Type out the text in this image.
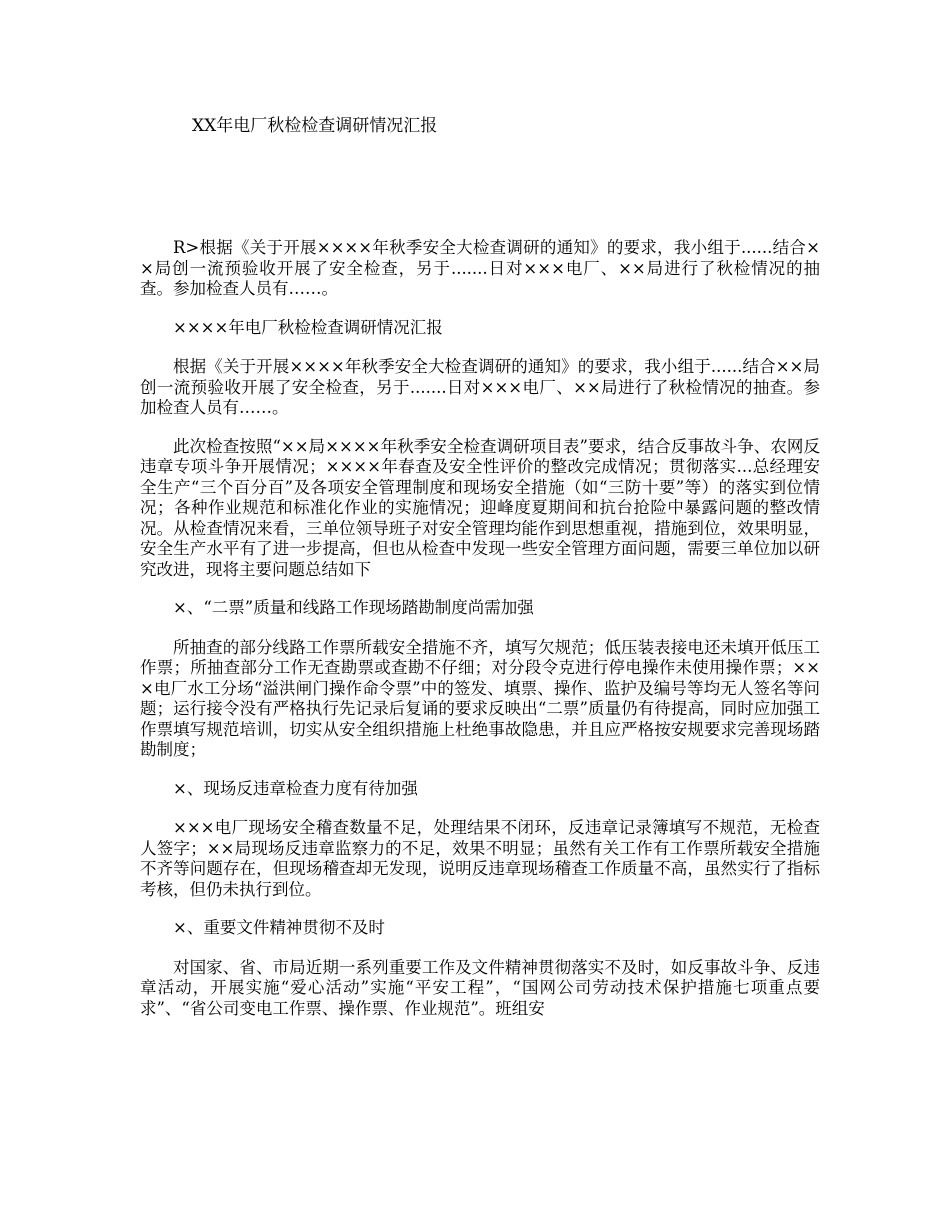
XX年电厂秋检检查调研情况汇报

R>根据《关于开展××××年秋季安全大检查调研的通知》的要求，我小组于......结合××局创一流预验收开展了安全检查，另于.......日对×××电厂、××局进行了秋检情况的抽查。参加检查人员有……。

××××年电厂秋检检查调研情况汇报

根据《关于开展××××年秋季安全大检查调研的通知》的要求，我小组于......结合××局创一流预验收开展了安全检查，另于.......日对×××电厂、××局进行了秋检情况的抽查。参加检查人员有……。

此次检查按照“××局××××年秋季安全检查调研项目表”要求，结合反事故斗争、农网反违章专项斗争开展情况；××××年春查及安全性评价的整改完成情况；贯彻落实...总经理安全生产“三个百分百”及各项安全管理制度和现场安全措施（如“三防十要”等）的落实到位情况；各种作业规范和标准化作业的实施情况；迎峰度夏期间和抗台抢险中暴露问题的整改情况。从检查情况来看，三单位领导班子对安全管理均能作到思想重视，措施到位，效果明显，安全生产水平有了进一步提高，但也从检查中发现一些安全管理方面问题，需要三单位加以研究改进，现将主要问题总结如下

×、“二票”质量和线路工作现场踏勘制度尚需加强

所抽查的部分线路工作票所载安全措施不齐，填写欠规范；低压装表接电还未填开低压工作票；所抽查部分工作无查勘票或查勘不仔细；对分段令克进行停电操作未使用操作票；×××电厂水工分场“溢洪闸门操作命令票”中的签发、填票、操作、监护及编号等均无人签名等问题；运行接令没有严格执行先记录后复诵的要求反映出“二票”质量仍有待提高，同时应加强工作票填写规范培训，切实从安全组织措施上杜绝事故隐患，并且应严格按安规要求完善现场踏勘制度；

×、现场反违章检查力度有待加强

×××电厂现场安全稽查数量不足，处理结果不闭环，反违章记录簿填写不规范，无检查人签字；××局现场反违章监察力的不足，效果不明显；虽然有关工作有工作票所载安全措施不齐等问题存在，但现场稽查却无发现，说明反违章现场稽查工作质量不高，虽然实行了指标考核，但仍未执行到位。

×、重要文件精神贯彻不及时

对国家、省、市局近期一系列重要工作及文件精神贯彻落实不及时，如反事故斗争、反违章活动，开展实施“爱心活动”实施“平安工程”，“国网公司劳动技术保护措施七项重点要求”、“省公司变电工作票、操作票、作业规范”。班组安
